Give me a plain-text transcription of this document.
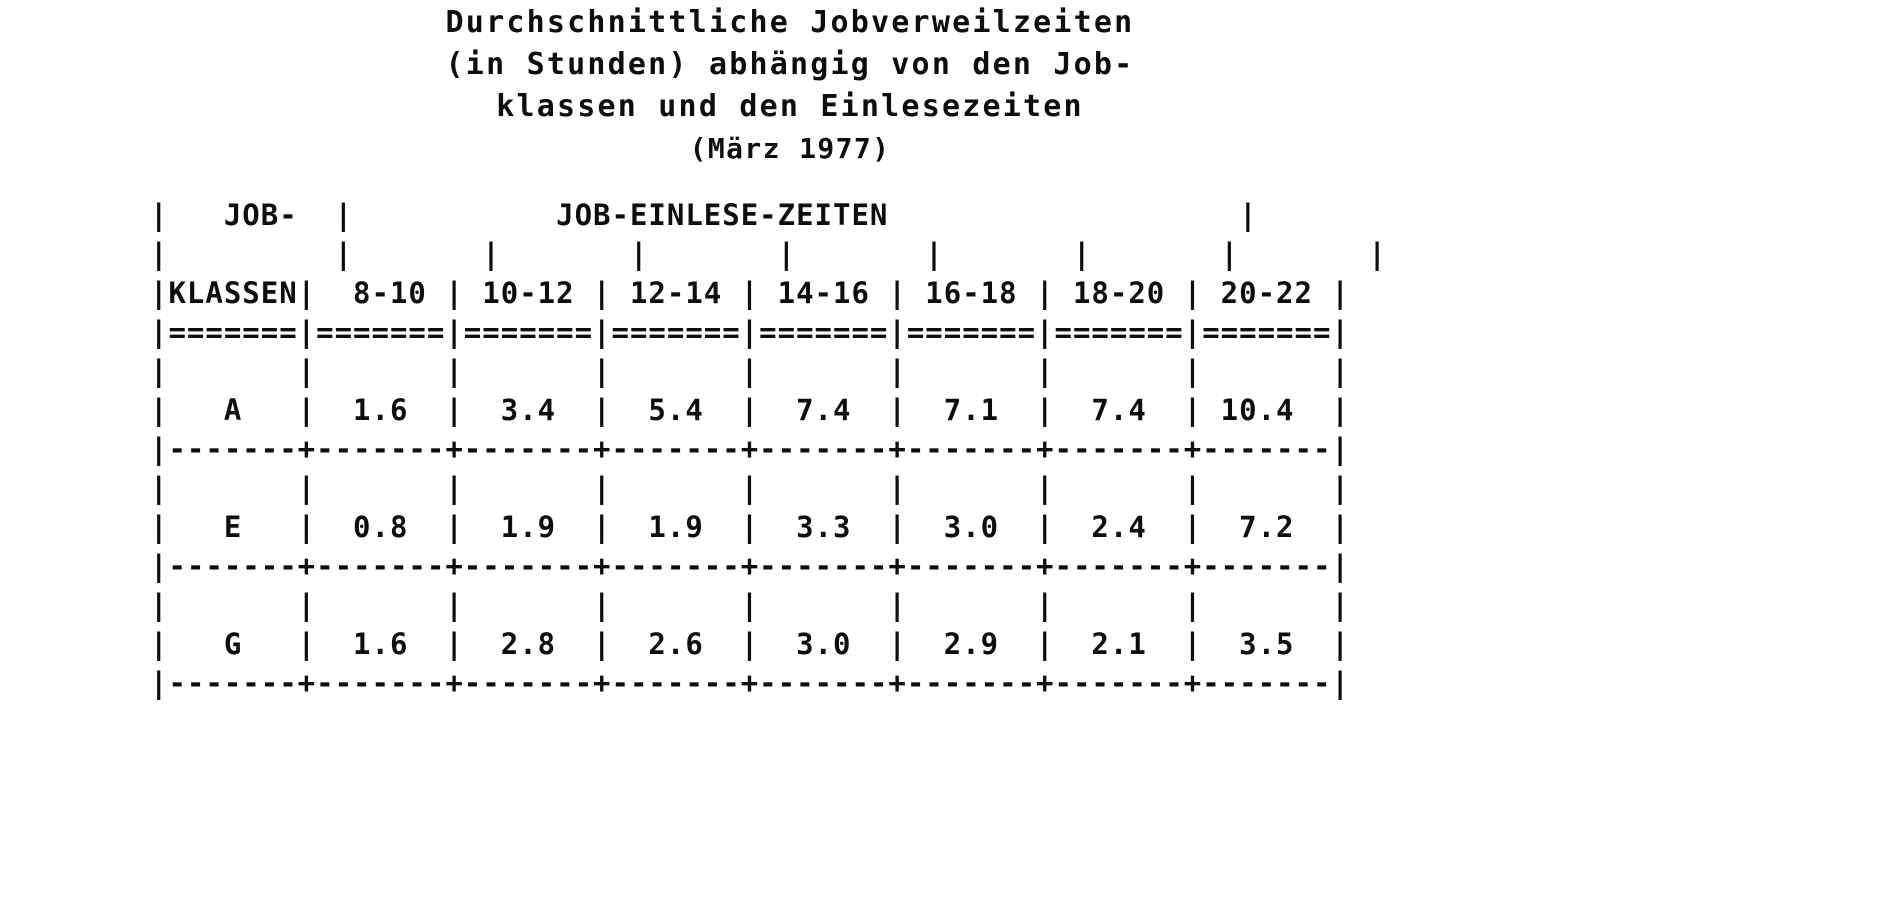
Durchschnittliche Jobverweilzeiten
(in Stunden) abhängig von den Job-
klassen und den Einlesezeiten
(März 1977)
|   JOB-  |           JOB-EINLESE-ZEITEN                   |
|         |       |       |       |       |       |       |       |
|KLASSEN|  8-10 | 10-12 | 12-14 | 14-16 | 16-18 | 18-20 | 20-22 |
|=======|=======|=======|=======|=======|=======|=======|=======|
|       |       |       |       |       |       |       |       |
|   A   |  1.6  |  3.4  |  5.4  |  7.4  |  7.1  |  7.4  | 10.4  |
|-------+-------+-------+-------+-------+-------+-------+-------|
|       |       |       |       |       |       |       |       |
|   E   |  0.8  |  1.9  |  1.9  |  3.3  |  3.0  |  2.4  |  7.2  |
|-------+-------+-------+-------+-------+-------+-------+-------|
|       |       |       |       |       |       |       |       |
|   G   |  1.6  |  2.8  |  2.6  |  3.0  |  2.9  |  2.1  |  3.5  |
|-------+-------+-------+-------+-------+-------+-------+-------|
